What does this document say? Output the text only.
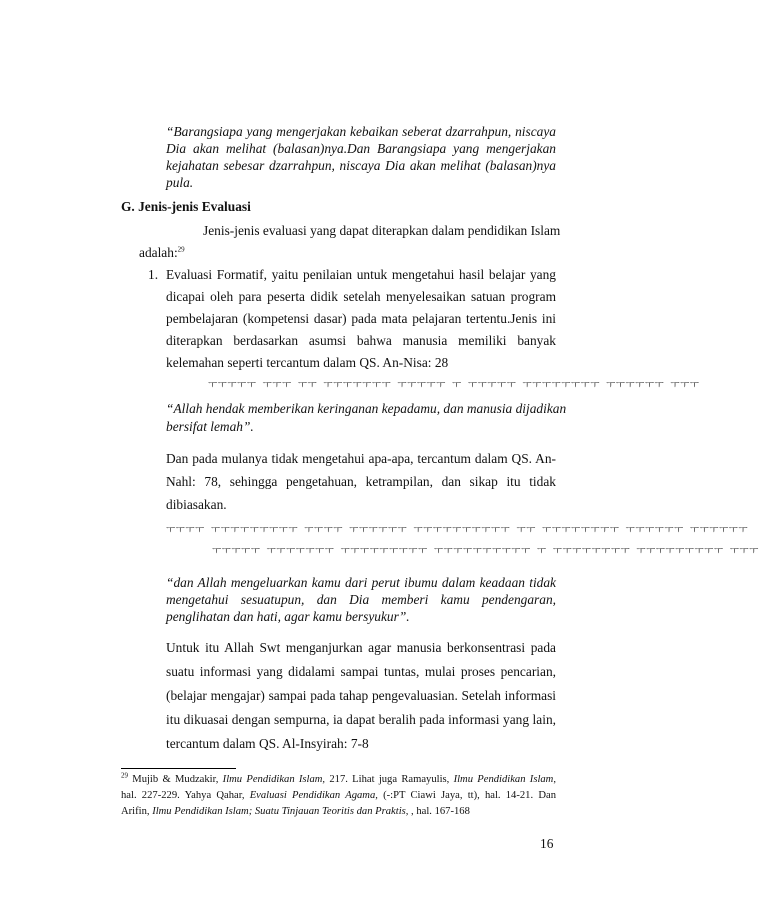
“Barangsiapa yang mengerjakan kebaikan seberat dzarrahpun, niscaya
Dia akan melihat (balasan)nya.Dan Barangsiapa yang mengerjakan
kejahatan sebesar dzarrahpun, niscaya Dia akan melihat (balasan)nya
pula.
G. Jenis-jenis Evaluasi
Jenis-jenis evaluasi yang dapat diterapkan dalam pendidikan Islam
adalah:$^{29}$
1. Evaluasi Formatif, yaitu penilaian untuk mengetahui hasil belajar yang
dicapai oleh para peserta didik setelah menyelesaikan satuan program
pembelajaran (kompetensi dasar) pada mata pelajaran tertentu.Jenis ini
diterapkan berdasarkan asumsi bahwa manusia memiliki banyak
kelemahan seperti tercantum dalam QS. An-Nisa: 28
ￓￓￓￓￓ ￓￓￓ ￓￓ ￓￓￓￓￓￓￓ ￓￓￓￓￓ ￓ ￓￓￓￓￓ ￓￓￓￓￓￓￓￓ ￓￓￓￓￓￓ ￓￓￓ
“Allah hendak memberikan keringanan kepadamu, dan manusia dijadikan
bersifat lemah”.
Dan pada mulanya tidak mengetahui apa-apa, tercantum dalam QS. An-
Nahl: 78, sehingga pengetahuan, ketrampilan, dan sikap itu tidak
dibiasakan.
ￓￓￓￓ ￓￓￓￓￓￓￓￓￓ ￓￓￓￓ ￓￓￓￓￓￓ ￓￓￓￓￓￓￓￓￓￓ ￓￓ ￓￓￓￓￓￓￓￓ ￓￓￓￓￓￓ ￓￓￓￓￓￓ
ￓￓￓￓￓ ￓￓￓￓￓￓￓ ￓￓￓￓￓￓￓￓￓ ￓￓￓￓￓￓￓￓￓￓ ￓ ￓￓￓￓￓￓￓￓ ￓￓￓￓￓￓￓￓￓ ￓￓￓ
“dan Allah mengeluarkan kamu dari perut ibumu dalam keadaan tidak
mengetahui sesuatupun, dan Dia memberi kamu pendengaran,
penglihatan dan hati, agar kamu bersyukur”.
Untuk itu Allah Swt menganjurkan agar manusia berkonsentrasi pada
suatu informasi yang didalami sampai tuntas, mulai proses pencarian,
(belajar mengajar) sampai pada tahap pengevaluasian. Setelah informasi
itu dikuasai dengan sempurna, ia dapat beralih pada informasi yang lain,
tercantum dalam QS. Al-Insyirah: 7-8
$^{29}$ Mujib & Mudzakir, Ilmu Pendidikan Islam, 217. Lihat juga Ramayulis, Ilmu Pendidikan Islam,
hal. 227-229. Yahya Qahar, Evaluasi Pendidikan Agama, (-:PT Ciawi Jaya, tt), hal. 14-21. Dan
Arifin, Ilmu Pendidikan Islam; Suatu Tinjauan Teoritis dan Praktis, , hal. 167-168
16
